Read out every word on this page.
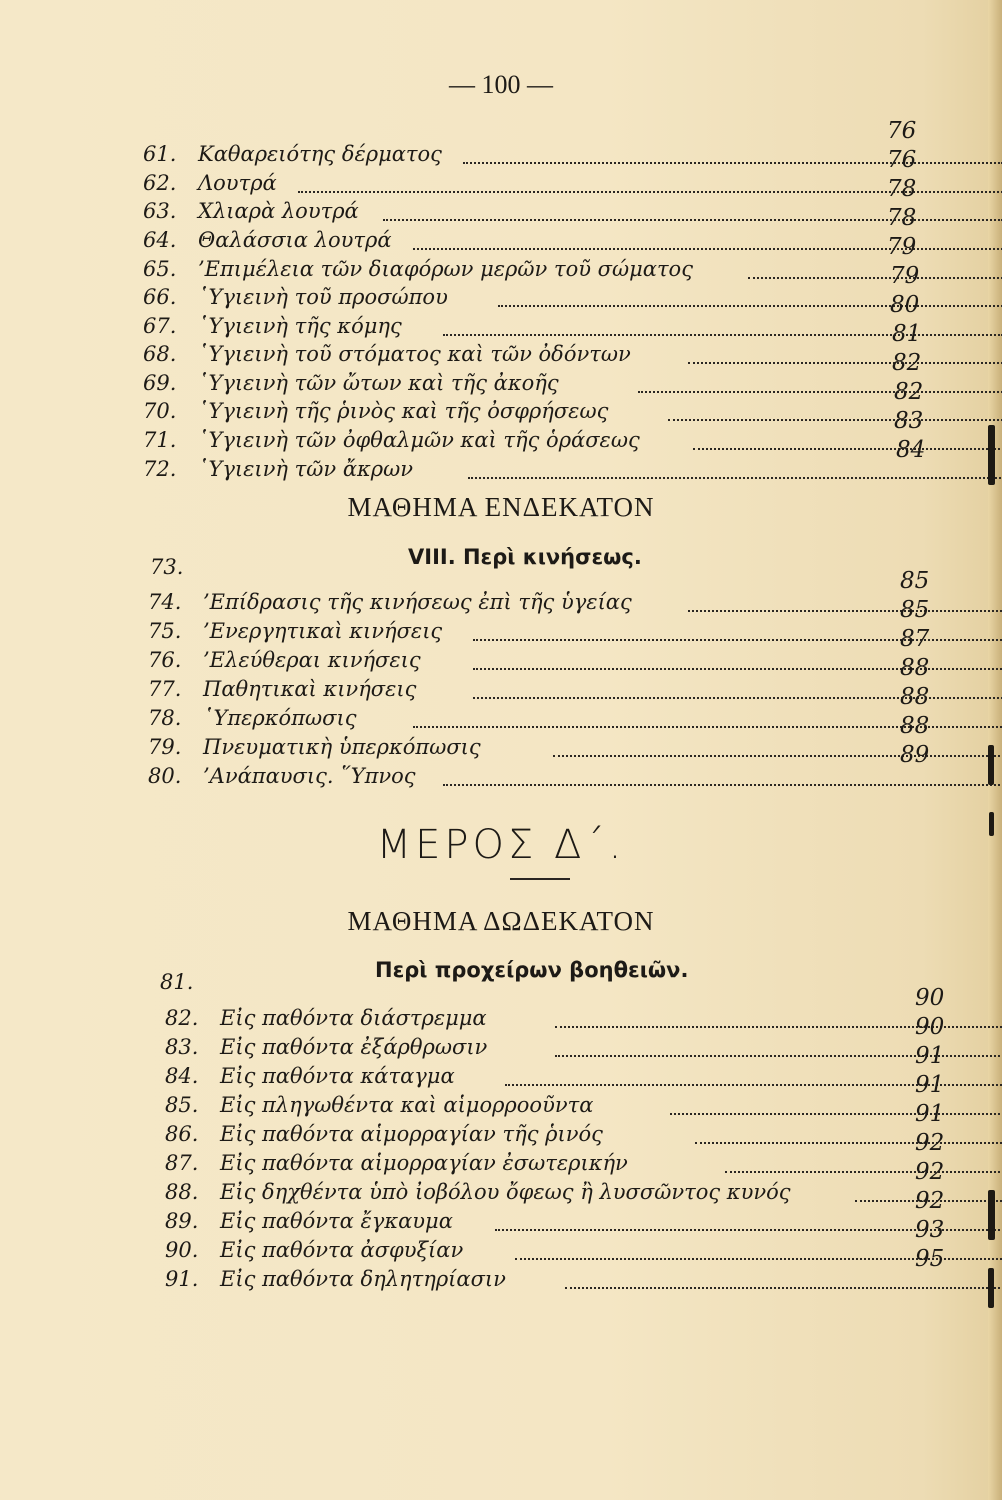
— 100 —
61. Καθαρειότης δέρματος
62. Λουτρά
63. Χλιαρὰ λουτρά
64. Θαλάσσια λουτρά
65. ’Επιμέλεια τῶν διαφόρων μερῶν τοῦ σώματος
66. ῾Υγιεινὴ τοῦ προσώπου
67. ῾Υγιεινὴ τῆς κόμης
68. ῾Υγιεινὴ τοῦ στόματος καὶ τῶν ὀδόντων
69. ῾Υγιεινὴ τῶν ὤτων καὶ τῆς ἀκοῆς
70. ῾Υγιεινὴ τῆς ῥινὸς καὶ τῆς ὀσφρήσεως
71. ῾Υγιεινὴ τῶν ὀφθαλμῶν καὶ τῆς ὁράσεως
72. ῾Υγιεινὴ τῶν ἄκρων
76
76
78
78
79
79
80
81
82
82
83
84
ΜΑΘΗΜΑ ΕΝΔΕΚΑΤΟΝ
73.	VIII. Περὶ κινήσεως.
74. ’Επίδρασις τῆς κινήσεως ἐπὶ τῆς ὑγείας
75. ’Ενεργητικαὶ κινήσεις
76. ’Ελεύθεραι κινήσεις
77. Παθητικαὶ κινήσεις
78. ῾Υπερκόπωσις
79. Πνευματικὴ ὑπερκόπωσις
80. ’Ανάπαυσις. ῞Υπνος
85
85
87
88
88
88
89
ΜΕΡΟΣ Δ΄.
ΜΑΘΗΜΑ ΔΩΔΕΚΑΤΟΝ
81.	Περὶ προχείρων βοηθειῶν.
82. Εἰς παθόντα διάστρεμμα
83. Εἰς παθόντα ἐξάρθρωσιν
84. Εἰς παθόντα κάταγμα
85. Εἰς πληγωθέντα καὶ αἱμορροοῦντα
86. Εἰς παθόντα αἱμορραγίαν τῆς ῥινός
87. Εἰς παθόντα αἱμορραγίαν ἐσωτερικήν
88. Εἰς δηχθέντα ὑπὸ ἰοβόλου ὄφεως ἢ λυσσῶντος κυνός
89. Εἰς παθόντα ἔγκαυμα
90. Εἰς παθόντα ἀσφυξίαν
91. Εἰς παθόντα δηλητηρίασιν
90
90
91
91
91
92
92
92
93
95
